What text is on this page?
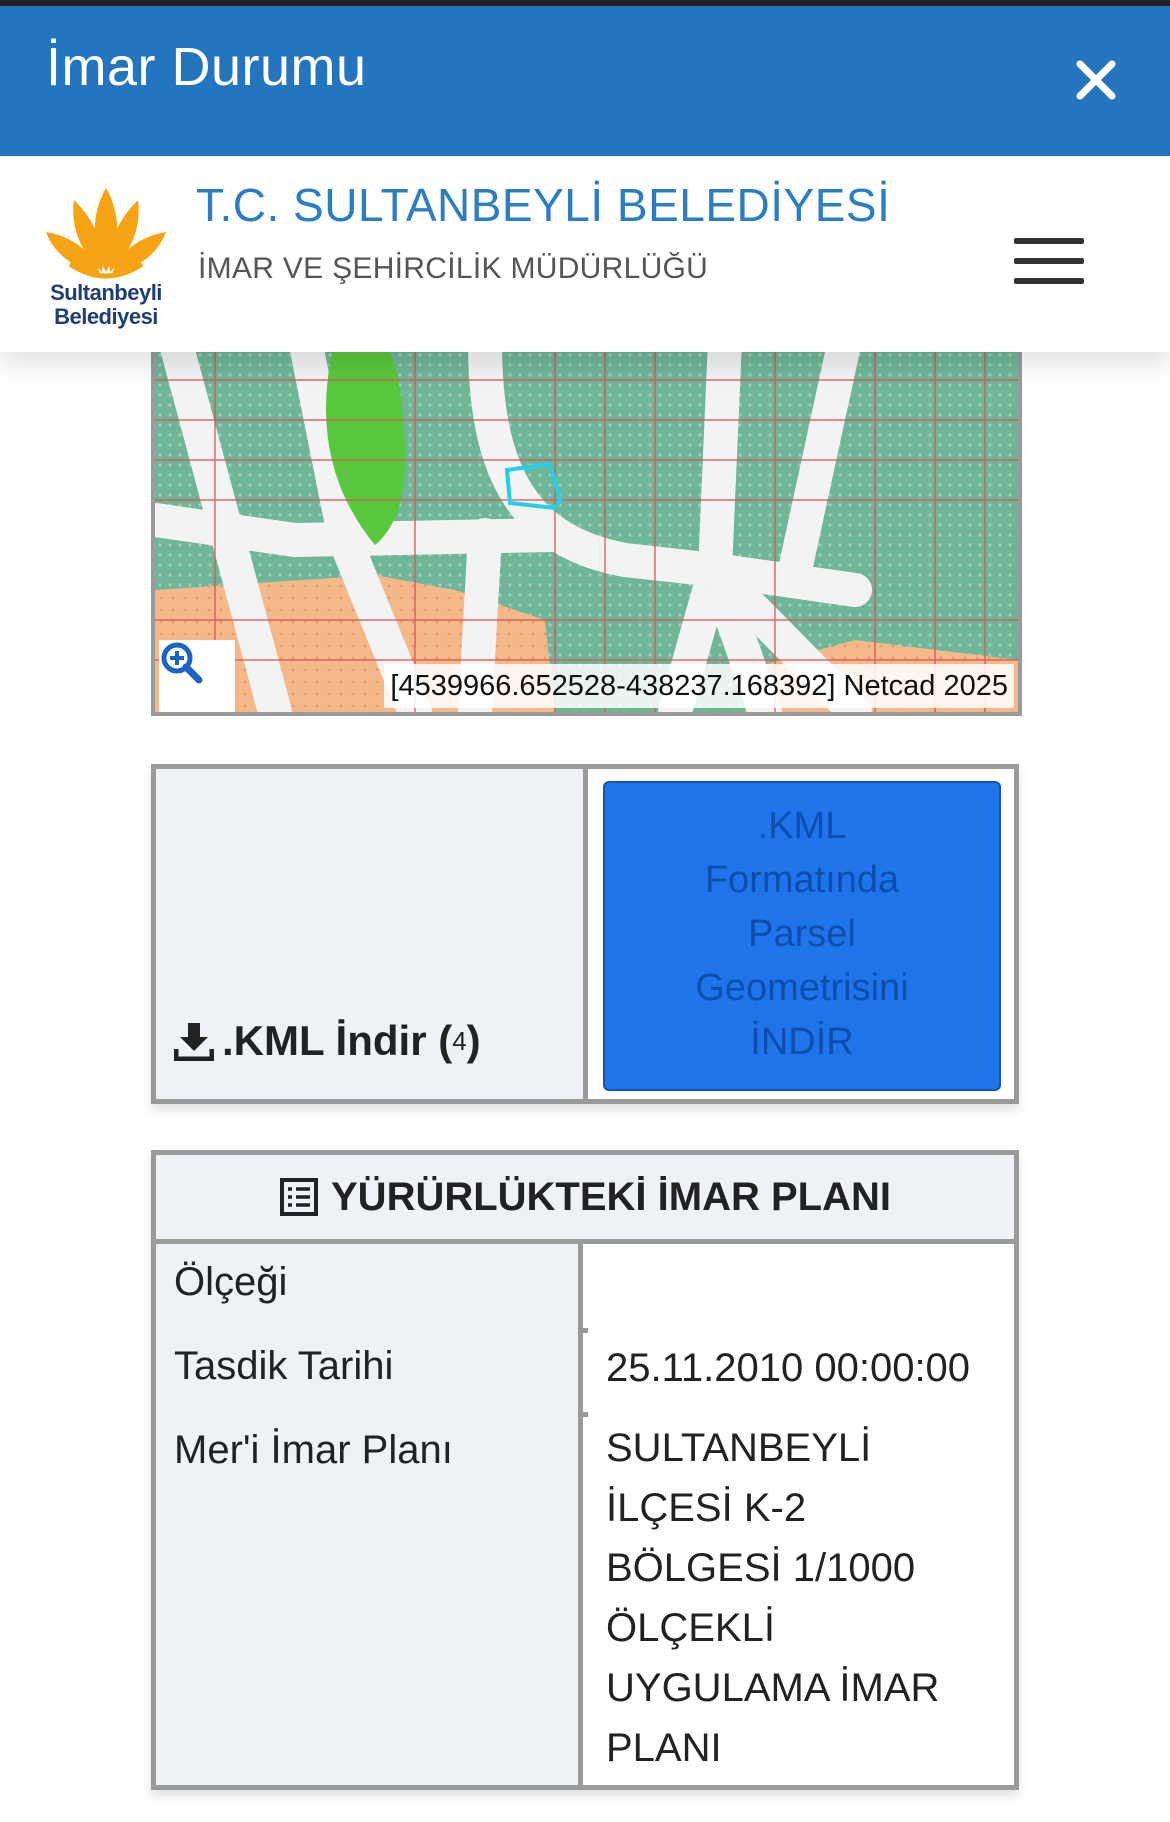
İmar Durumu
Sultanbeyli
Belediyesi
T.C. SULTANBEYLİ BELEDİYESİ
İMAR VE ŞEHİRCİLİK MÜDÜRLÜĞÜ
[4539966.652528-438237.168392] Netcad 2025
.KML İndir ( 4 )
.KML
Formatında
Parsel
Geometrisini
İNDİR
YÜRÜRLÜKTEKİ İMAR PLANI
Ölçeği
Tasdik Tarihi	25.11.2010 00:00:00
Mer'i İmar Planı	SULTANBEYLİ
İLÇESİ K-2
BÖLGESİ 1/1000
ÖLÇEKLİ
UYGULAMA İMAR
PLANI
